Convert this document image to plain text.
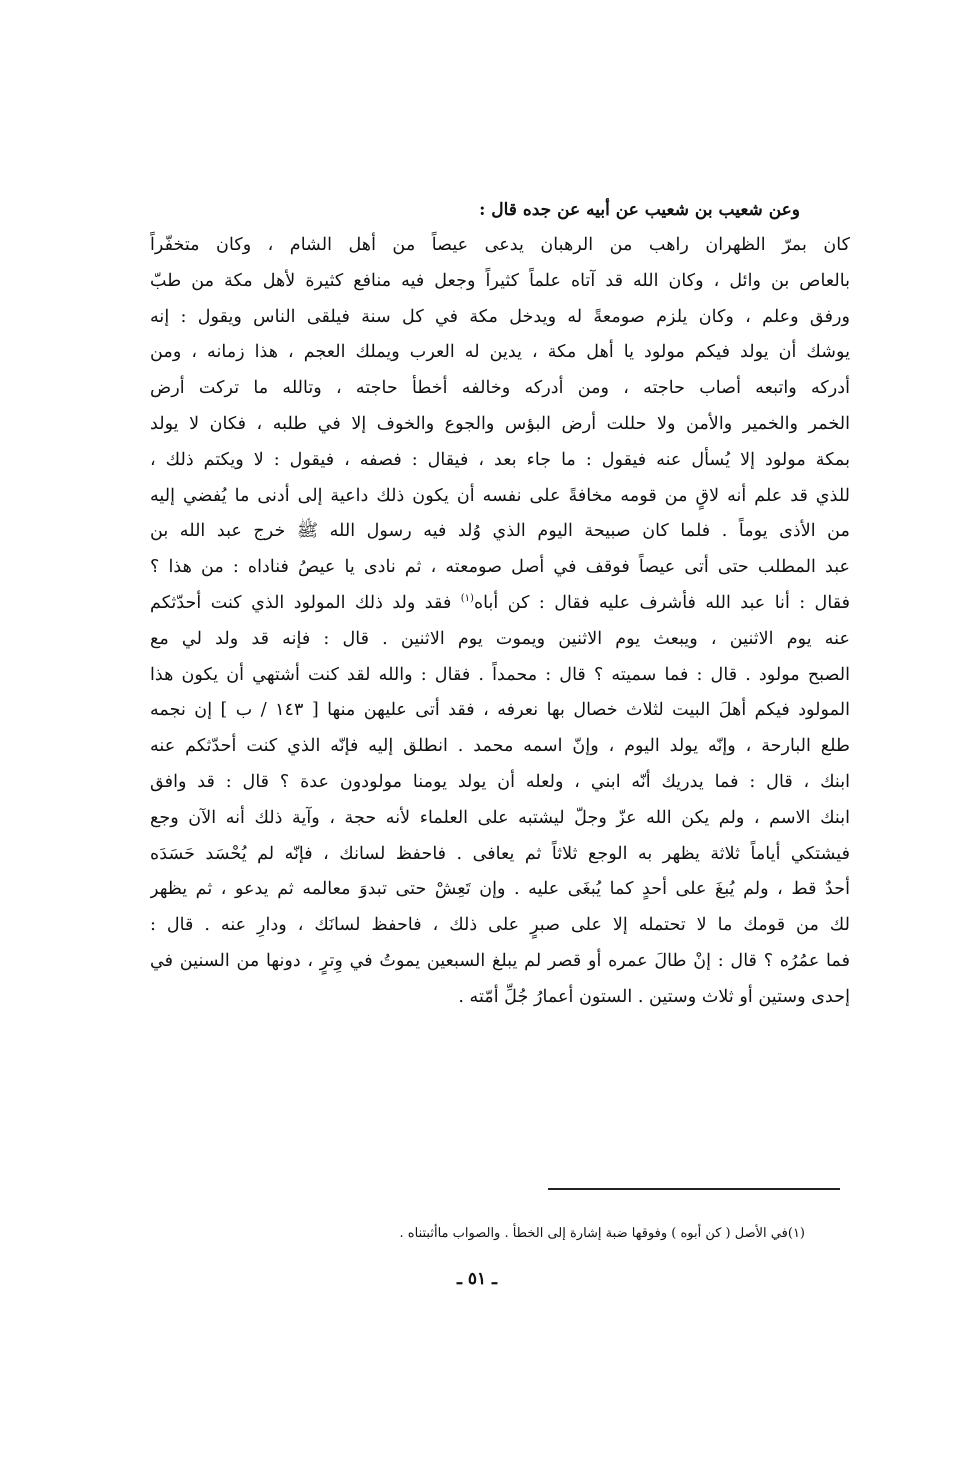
وعن شعيب بن شعيب عن أبيه عن جده قال :
كان بمرّ الظهران راهب من الرهبان يدعى عيصاً من أهل الشام ، وكان متخفّراً
بالعاص بن وائل ، وكان الله قد آتاه علماً كثيراً وجعل فيه منافع كثيرة لأهل مكة من طبّ
ورفق وعلم ، وكان يلزم صومعةً له ويدخل مكة في كل سنة فيلقى الناس ويقول : إنه
يوشك أن يولد فيكم مولود يا أهل مكة ، يدين له العرب ويملك العجم ، هذا زمانه ، ومن
أدركه واتبعه أصاب حاجته ، ومن أدركه وخالفه أخطأ حاجته ، وتالله ما تركت أرض
الخمر والخمير والأمن ولا حللت أرض البؤس والجوع والخوف إلا في طلبه ، فكان لا يولد
بمكة مولود إلا يُسأل عنه فيقول : ما جاء بعد ، فيقال : فصفه ، فيقول : لا ويكتم ذلك ،
للذي قد علم أنه لاقٍ من قومه مخافةً على نفسه أن يكون ذلك داعية إلى أدنى ما يُفضي إليه
من الأذى يوماً . فلما كان صبيحة اليوم الذي وُلد فيه رسول الله ﷺ خرج عبد الله بن
عبد المطلب حتى أتى عيصاً فوقف في أصل صومعته ، ثم نادى يا عيصُ فناداه : من هذا ؟
فقال : أنا عبد الله فأشرف عليه فقال : كن أباه$^{(١)}$ فقد ولد ذلك المولود الذي كنت أحدّثكم
عنه يوم الاثنين ، ويبعث يوم الاثنين ويموت يوم الاثنين . قال : فإنه قد ولد لي مع
الصبح مولود . قال : فما سميته ؟ قال : محمداً . فقال : والله لقد كنت أشتهي أن يكون هذا
المولود فيكم أهلَ البيت لثلاث خصال بها نعرفه ، فقد أتى عليهن منها [ ١٤٣ / ب ] إن نجمه
طلع البارحة ، وإنّه يولد اليوم ، وإنّ اسمه محمد . انطلق إليه فإنّه الذي كنت أحدّثكم عنه
ابنك ، قال : فما يدريك أنّه ابني ، ولعله أن يولد يومنا مولودون عدة ؟ قال : قد وافق
ابنك الاسم ، ولم يكن الله عزّ وجلّ ليشتبه على العلماء لأنه حجة ، وآية ذلك أنه الآن وجع
فيشتكي أياماً ثلاثة يظهر به الوجع ثلاثاً ثم يعافى . فاحفظ لسانك ، فإنّه لم يُحْسَد حَسَدَه
أحدٌ قط ، ولم يُبغَ على أحدٍ كما يُبغَى عليه . وإن تَعِشْ حتى تبدوَ معالمه ثم يدعو ، ثم يظهر
لك من قومك ما لا تحتمله إلا على صبرٍ على ذلك ، فاحفظ لسانَك ، ودارِ عنه . قال :
فما عمُرُه ؟ قال : إنْ طالَ عمره أو قصر لم يبلغ السبعين يموتُ في وِترٍ ، دونها من السنين في
إحدى وستين أو ثلاث وستين . الستون أعمارُ جُلِّ أمّته .
(١)في الأصل ( كن أبوه ) وفوقها ضبة إشارة إلى الخطأ . والصواب ماأثبتناه .
ـ ٥١ ـ
